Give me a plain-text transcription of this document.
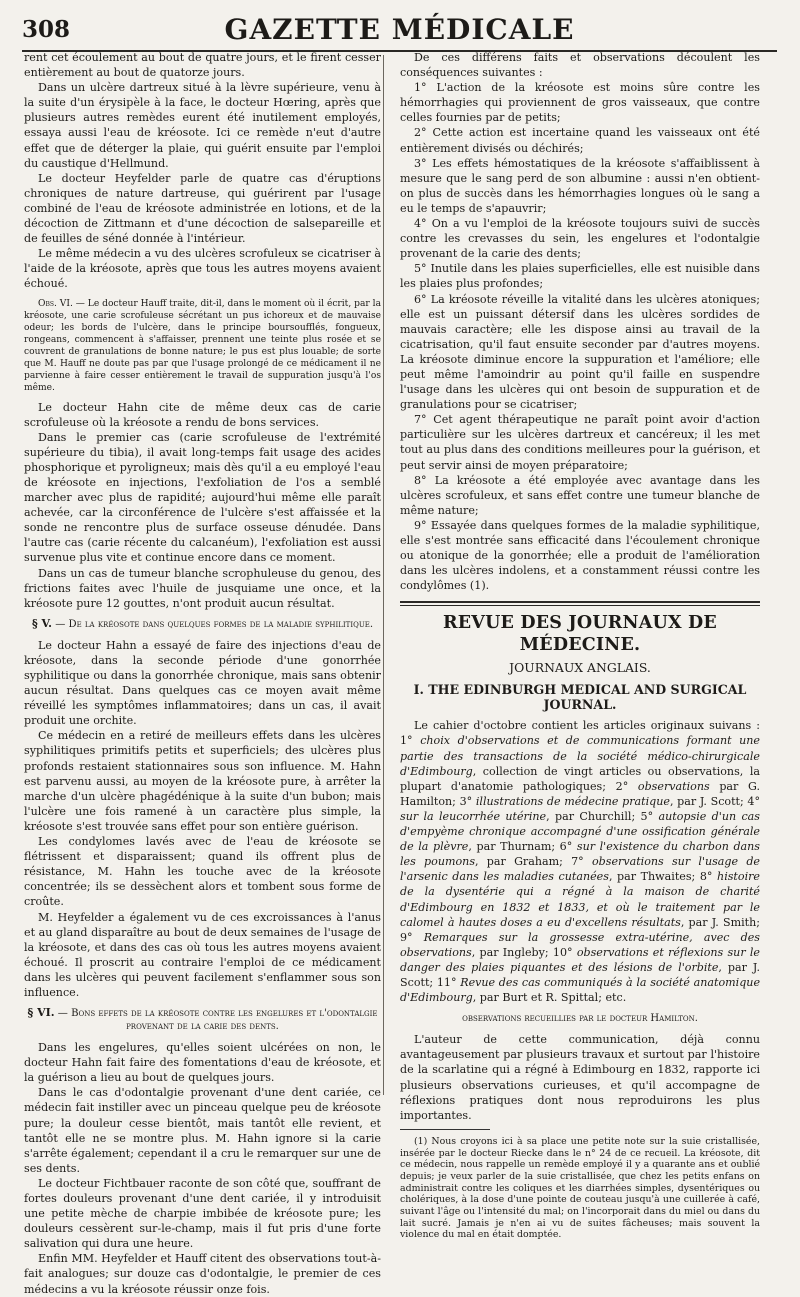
308	GAZETTE MÉDICALE

rent cet écoulement au bout de quatre jours, et le firent cesser entièrement au bout de quatorze jours.

Dans un ulcère dartreux situé à la lèvre supérieure, venu à la suite d'un érysipèle à la face, le docteur Hœring, après que plusieurs autres remèdes eurent été inutilement employés, essaya aussi l'eau de kréosote. Ici ce remède n'eut d'autre effet que de déterger la plaie, qui guérit ensuite par l'emploi du caustique d'Hellmund.

Le docteur Heyfelder parle de quatre cas d'éruptions chroniques de nature dartreuse, qui guérirent par l'usage combiné de l'eau de kréosote administrée en lotions, et de la décoction de Zittmann et d'une décoction de salsepareille et de feuilles de séné donnée à l'intérieur.

Le même médecin a vu des ulcères scrofuleux se cicatriser à l'aide de la kréosote, après que tous les autres moyens avaient échoué.

Obs. VI. — Le docteur Hauff traite, dit-il, dans le moment où il écrit, par la kréosote, une carie scrofuleuse sécrétant un pus ichoreux et de mauvaise odeur; les bords de l'ulcère, dans le principe boursoufflés, fongueux, rongeans, commencent à s'affaisser, prennent une teinte plus rosée et se couvrent de granulations de bonne nature; le pus est plus louable; de sorte que M. Hauff ne doute pas par que l'usage prolongé de ce médicament il ne parvienne à faire cesser entièrement le travail de suppuration jusqu'à l'os même.

Le docteur Hahn cite de même deux cas de carie scrofuleuse où la kréosote a rendu de bons services.

Dans le premier cas (carie scrofuleuse de l'extrémité supérieure du tibia), il avait long-temps fait usage des acides phosphorique et pyroligneux; mais dès qu'il a eu employé l'eau de kréosote en injections, l'exfoliation de l'os a semblé marcher avec plus de rapidité; aujourd'hui même elle paraît achevée, car la circonférence de l'ulcère s'est affaissée et la sonde ne rencontre plus de surface osseuse dénudée. Dans l'autre cas (carie récente du calcanéum), l'exfoliation est aussi survenue plus vite et continue encore dans ce moment.

Dans un cas de tumeur blanche scrophuleuse du genou, des frictions faites avec l'huile de jusquiame une once, et la kréosote pure 12 gouttes, n'ont produit aucun résultat.

§ V. — De la kréosote dans quelques formes de la maladie syphilitique.

Le docteur Hahn a essayé de faire des injections d'eau de kréosote, dans la seconde période d'une gonorrhée syphilitique ou dans la gonorrhée chronique, mais sans obtenir aucun résultat. Dans quelques cas ce moyen avait même réveillé les symptômes inflammatoires; dans un cas, il avait produit une orchite.

Ce médecin en a retiré de meilleurs effets dans les ulcères syphilitiques primitifs petits et superficiels; des ulcères plus profonds restaient stationnaires sous son influence. M. Hahn est parvenu aussi, au moyen de la kréosote pure, à arrêter la marche d'un ulcère phagédénique à la suite d'un bubon; mais l'ulcère une fois ramené à un caractère plus simple, la kréosote s'est trouvée sans effet pour son entière guérison.

Les condylomes lavés avec de l'eau de kréosote se flétrissent et disparaissent; quand ils offrent plus de résistance, M. Hahn les touche avec de la kréosote concentrée; ils se dessèchent alors et tombent sous forme de croûte.

M. Heyfelder a également vu de ces excroissances à l'anus et au gland disparaître au bout de deux semaines de l'usage de la kréosote, et dans des cas où tous les autres moyens avaient échoué. Il proscrit au contraire l'emploi de ce médicament dans les ulcères qui peuvent facilement s'enflammer sous son influence.

§ VI. — Bons effets de la kréosote contre les engelures et l'odontalgie provenant de la carie des dents.

Dans les engelures, qu'elles soient ulcérées on non, le docteur Hahn fait faire des fomentations d'eau de kréosote, et la guérison a lieu au bout de quelques jours.

Dans le cas d'odontalgie provenant d'une dent cariée, ce médecin fait instiller avec un pinceau quelque peu de kréosote pure; la douleur cesse bientôt, mais tantôt elle revient, et tantôt elle ne se montre plus. M. Hahn ignore si la carie s'arrête également; cependant il a cru le remarquer sur une de ses dents.

Le docteur Fichtbauer raconte de son côté que, souffrant de fortes douleurs provenant d'une dent cariée, il y introduisit une petite mèche de charpie imbibée de kréosote pure; les douleurs cessèrent sur-le-champ, mais il fut pris d'une forte salivation qui dura une heure.

Enfin MM. Heyfelder et Hauff citent des observations tout-à-fait analogues; sur douze cas d'odontalgie, le premier de ces médecins a vu la kréosote réussir onze fois.

De ces différens faits et observations découlent les conséquences suivantes :

1° L'action de la kréosote est moins sûre contre les hémorrhagies qui proviennent de gros vaisseaux, que contre celles fournies par de petits;

2° Cette action est incertaine quand les vaisseaux ont été entièrement divisés ou déchirés;

3° Les effets hémostatiques de la kréosote s'affaiblissent à mesure que le sang perd de son albumine : aussi n'en obtient-on plus de succès dans les hémorrhagies longues où le sang a eu le temps de s'apauvrir;

4° On a vu l'emploi de la kréosote toujours suivi de succès contre les crevasses du sein, les engelures et l'odontalgie provenant de la carie des dents;

5° Inutile dans les plaies superficielles, elle est nuisible dans les plaies plus profondes;

6° La kréosote réveille la vitalité dans les ulcères atoniques; elle est un puissant détersif dans les ulcères sordides de mauvais caractère; elle les dispose ainsi au travail de la cicatrisation, qu'il faut ensuite seconder par d'autres moyens. La kréosote diminue encore la suppuration et l'améliore; elle peut même l'amoindrir au point qu'il faille en suspendre l'usage dans les ulcères qui ont besoin de suppuration et de granulations pour se cicatriser;

7° Cet agent thérapeutique ne paraît point avoir d'action particulière sur les ulcères dartreux et cancéreux; il les met tout au plus dans des conditions meilleures pour la guérison, et peut servir ainsi de moyen préparatoire;

8° La kréosote a été employée avec avantage dans les ulcères scrofuleux, et sans effet contre une tumeur blanche de même nature;

9° Essayée dans quelques formes de la maladie syphilitique, elle s'est montrée sans efficacité dans l'écoulement chronique ou atonique de la gonorrhée; elle a produit de l'amélioration dans les ulcères indolens, et a constamment réussi contre les condylômes (1).

REVUE DES JOURNAUX DE MÉDECINE.
JOURNAUX ANGLAIS.
I. THE EDINBURGH MEDICAL AND SURGICAL JOURNAL.

Le cahier d'octobre contient les articles originaux suivans : 1° choix d'observations et de communications formant une partie des transactions de la société médico-chirurgicale d'Edimbourg, collection de vingt articles ou observations, la plupart d'anatomie pathologiques; 2° observations par G. Hamilton; 3° illustrations de médecine pratique, par J. Scott; 4° sur la leucorrhée utérine, par Churchill; 5° autopsie d'un cas d'empyème chronique accompagné d'une ossification générale de la plèvre, par Thurnam; 6° sur l'existence du charbon dans les poumons, par Graham; 7° observations sur l'usage de l'arsenic dans les maladies cutanées, par Thwaites; 8° histoire de la dysentérie qui a régné à la maison de charité d'Edimbourg en 1832 et 1833, et où le traitement par le calomel à hautes doses a eu d'excellens résultats, par J. Smith; 9° Remarques sur la grossesse extra-utérine, avec des observations, par Ingleby; 10° observations et réflexions sur le danger des plaies piquantes et des lésions de l'orbite, par J. Scott; 11° Revue des cas communiqués à la société anatomique d'Edimbourg, par Burt et R. Spittal; etc.

observations recueillies par le docteur Hamilton.

L'auteur de cette communication, déjà connu avantageusement par plusieurs travaux et surtout par l'histoire de la scarlatine qui a régné à Edimbourg en 1832, rapporte ici plusieurs observations curieuses, et qu'il accompagne de réflexions pratiques dont nous reproduirons les plus importantes.

(1) Nous croyons ici à sa place une petite note sur la suie cristallisée, insérée par le docteur Riecke dans le n° 24 de ce recueil. La kréosote, dit ce médecin, nous rappelle un remède employé il y a quarante ans et oublié depuis; je veux parler de la suie cristallisée, que chez les petits enfans on administrait contre les coliques et les diarrhées simples, dysentériques ou cholériques, à la dose d'une pointe de couteau jusqu'à une cuillerée à café, suivant l'âge ou l'intensité du mal; on l'incorporait dans du miel ou dans du lait sucré. Jamais je n'en ai vu de suites fâcheuses; mais souvent la violence du mal en était domptée.
